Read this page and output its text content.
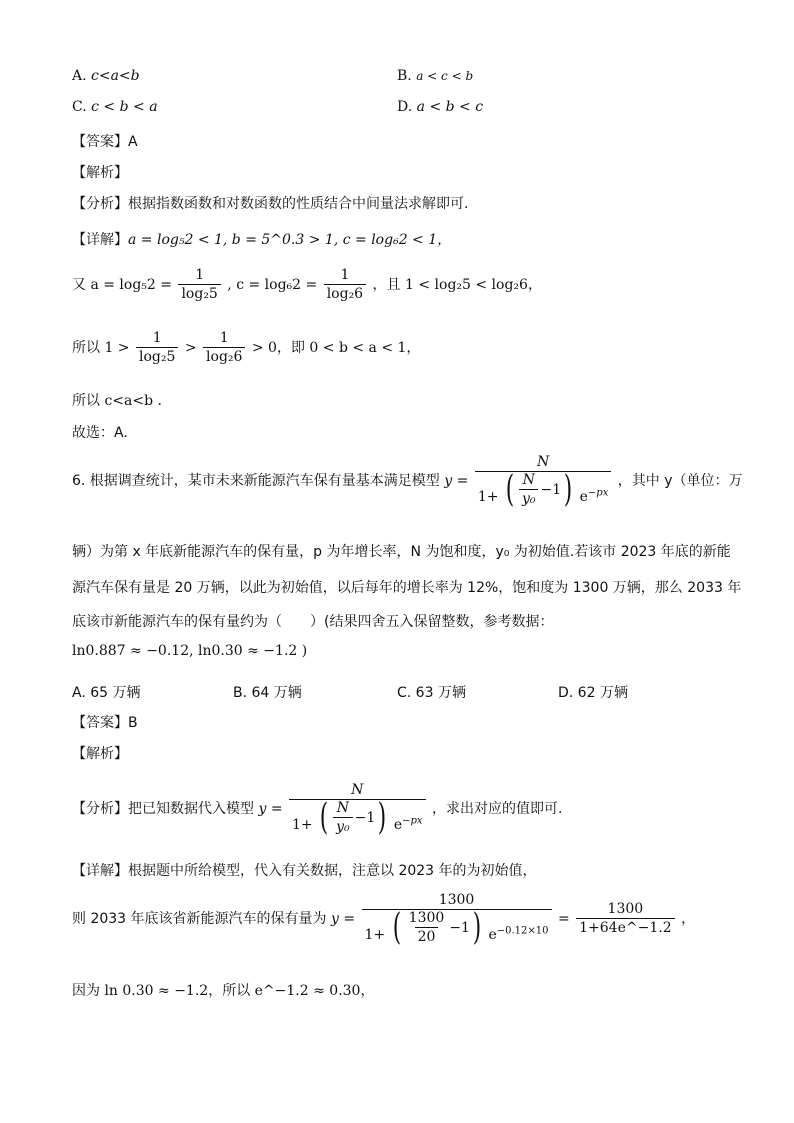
A. c<a<b	B. a < c < b
C. c < b < a	D. a < b < c
【答案】A
【解析】
【分析】根据指数函数和对数函数的性质结合中间量法求解即可.
【详解】a = log₅2 < 1, b = 5^0.3 > 1, c = log₆2 < 1，
又 $a = \log_52 = \frac{1}{\text{log₂5}}$ , $c = \log_62 = \frac{1}{\text{log₂6}}$ ，且 1 < log₂5 < log₂6，
所以 $1 > \frac{1}{\text{log₂5}} > \frac{1}{\text{log₂6}} > 0$，即 0 < b < a < 1，
所以 c<a<b .
故选：A.
6. 根据调查统计，某市未来新能源汽车保有量基本满足模型 $y = \frac{N}{1+ ( \frac{N}{\text{y₀}} -1 ) e^{-px}}$ ，其中 y（单位：万
辆）为第 x 年底新能源汽车的保有量，p 为年增长率，N 为饱和度，y₀ 为初始值.若该市 2023 年底的新能
源汽车保有量是 20 万辆，以此为初始值，以后每年的增长率为 12%，饱和度为 1300 万辆，那么 2033 年
底该市新能源汽车的保有量约为（　　）(结果四舍五入保留整数，参考数据：
ln0.887 ≈ −0.12, ln0.30 ≈ −1.2 )
A. 65 万辆	B. 64 万辆	C. 63 万辆	D. 62 万辆
【答案】B
【解析】
【分析】把已知数据代入模型 $y = \frac{N}{1+ ( \frac{N}{\text{y₀}} -1 ) e^{-px}}$ ，求出对应的值即可.
【详解】根据题中所给模型，代入有关数据，注意以 2023 年的为初始值，
则 2033 年底该省新能源汽车的保有量为 $y = \frac{1300}{1+ ( \frac{1300}{20} -1 ) e^{-0.12\times 10}} = \frac{1300}{1+64e\^{}-1.2}$ ，
因为 ln 0.30 ≈ −1.2，所以 e^−1.2 ≈ 0.30，
